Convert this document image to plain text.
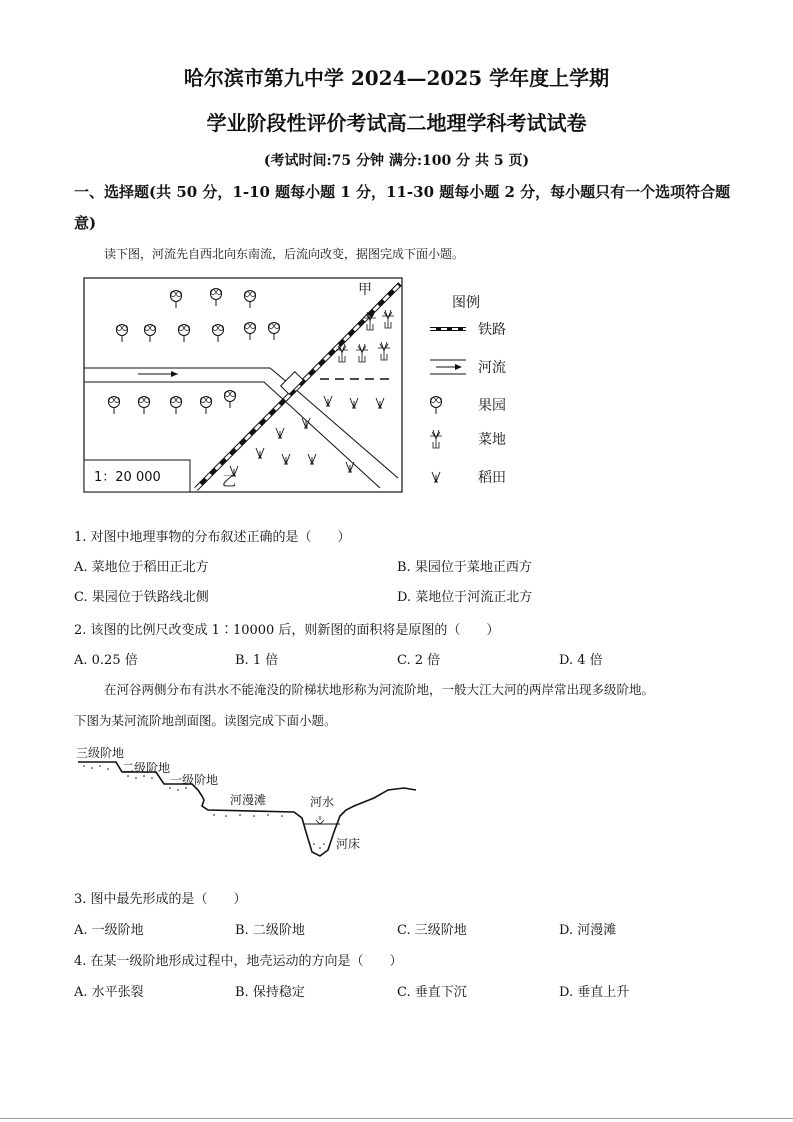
哈尔滨市第九中学 2024—2025 学年度上学期
学业阶段性评价考试高二地理学科考试试卷
(考试时间:75 分钟 满分:100 分 共 5 页)
一、选择题(共 50 分，1-10 题每小题 1 分，11-30 题每小题 2 分，每小题只有一个选项符合题
意)
读下图，河流先自西北向东南流，后流向改变，据图完成下面小题。
1：20 000
甲
乙
图例
铁路
河流
果园
菜地
稻田
1. 对图中地理事物的分布叙述正确的是（　　）
A. 菜地位于稻田正北方	B. 果园位于菜地正西方
C. 果园位于铁路线北侧	D. 菜地位于河流正北方
2. 该图的比例尺改变成 1∶10000 后，则新图的面积将是原图的（　　）
A. 0.25 倍	B. 1 倍	C. 2 倍	D. 4 倍
在河谷两侧分布有洪水不能淹没的阶梯状地形称为河流阶地，一般大江大河的两岸常出现多级阶地。
下图为某河流阶地剖面图。读图完成下面小题。
三级阶地
二级阶地
一级阶地
河漫滩	河水
河床
3. 图中最先形成的是（　　）
A. 一级阶地	B. 二级阶地	C. 三级阶地	D. 河漫滩
4. 在某一级阶地形成过程中，地壳运动的方向是（　　）
A. 水平张裂	B. 保持稳定	C. 垂直下沉	D. 垂直上升
